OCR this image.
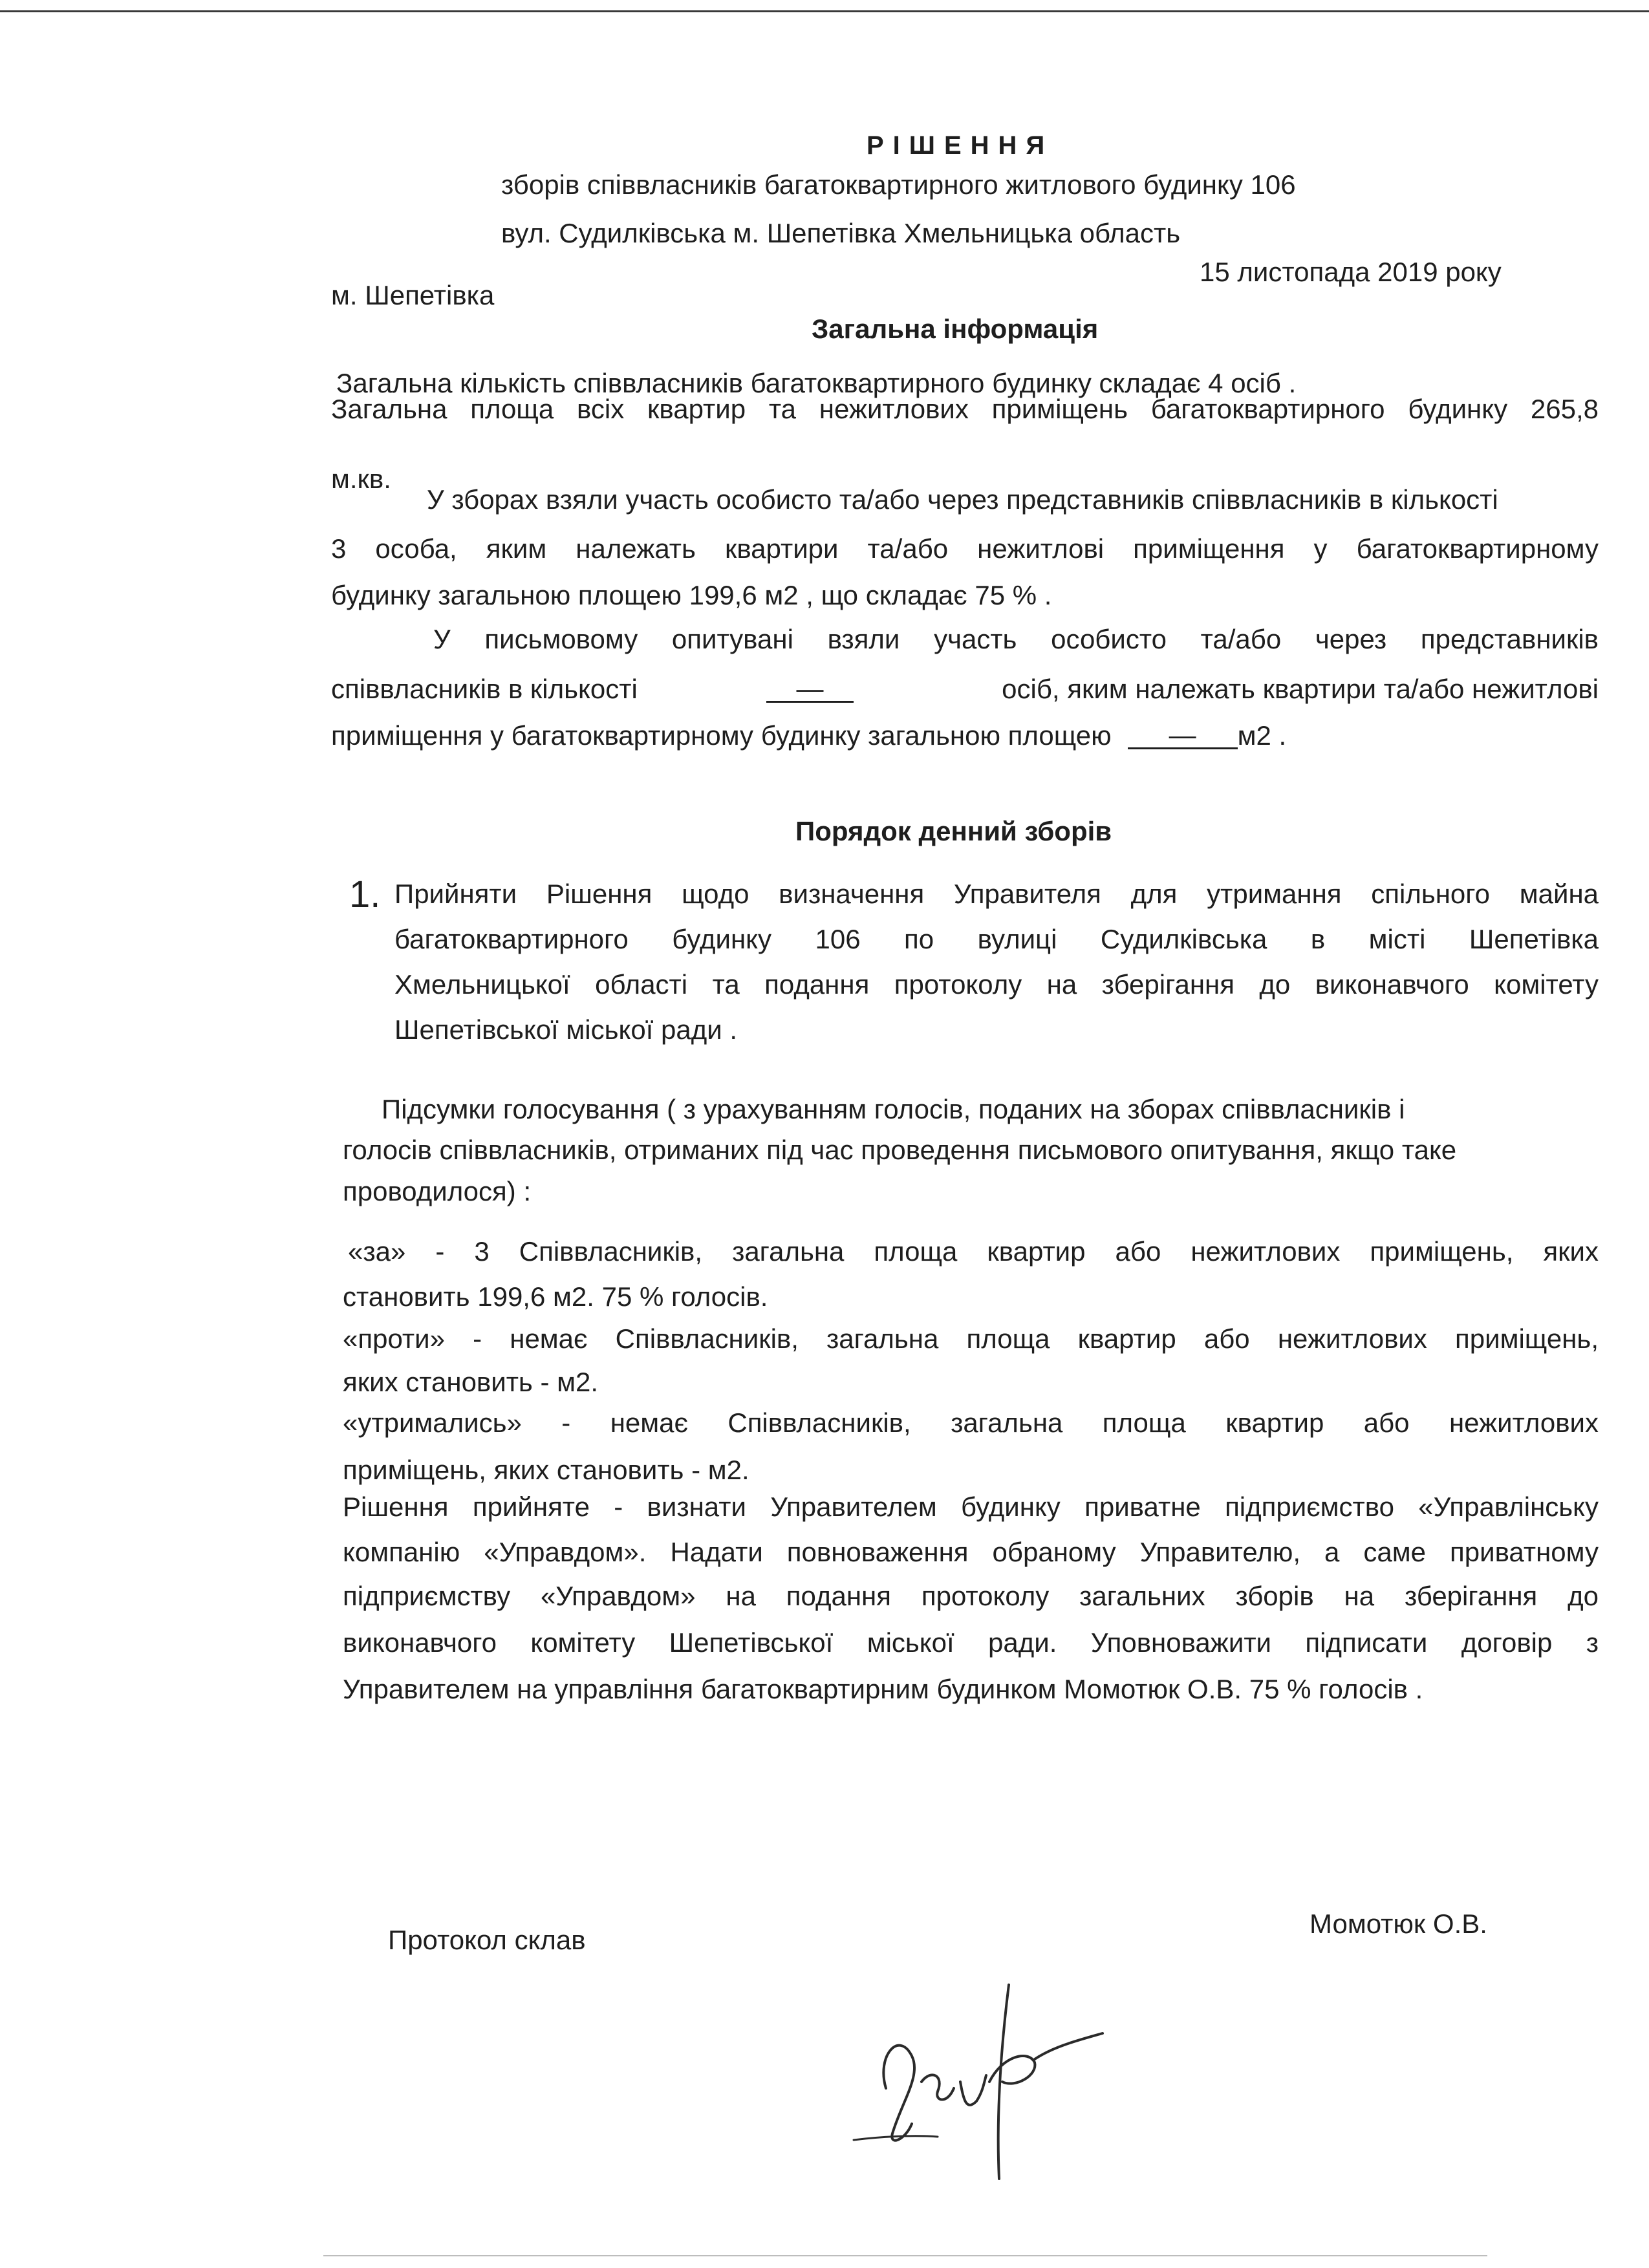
РІШЕННЯ
зборів співвласників багатоквартирного житлового будинку 106
вул. Судилківська м. Шепетівка Хмельницька область
15 листопада 2019 року
м. Шепетівка
Загальна інформація
Загальна кількість співвласників багатоквартирного будинку складає 4 осіб .
Загальна площа всіх квартир та нежитлових приміщень багатоквартирного будинку 265,8
м.кв.
У зборах взяли участь особисто та/або через представників співвласників в кількості
3 особа, яким належать квартири та/або нежитлові приміщення у багатоквартирному
будинку загальною площею 199,6 м2 , що складає 75 % .
У письмовому опитувані взяли участь особисто та/або через представників
співвласників в кількості	—	осіб, яким належать квартири та/або нежитлові
приміщення у багатоквартирному будинку загальною площею	—	м2 .
Порядок денний зборів
1. Прийняти Рішення щодо визначення Управителя для утримання спільного майна
багатоквартирного будинку 106 по вулиці Судилківська в місті Шепетівка
Хмельницької області та подання протоколу на зберігання до виконавчого комітету
Шепетівської міської ради .
Підсумки голосування ( з урахуванням голосів, поданих на зборах співвласників і
голосів співвласників, отриманих під час проведення письмового опитування, якщо таке
проводилося) :
«за» - 3 Співвласників, загальна площа квартир або нежитлових приміщень, яких
становить 199,6 м2. 75 % голосів.
«проти» - немає Співвласників, загальна площа квартир або нежитлових приміщень,
яких становить - м2.
«утримались» - немає Співвласників, загальна площа квартир або нежитлових
приміщень, яких становить - м2.
Рішення прийняте - визнати Управителем будинку приватне підприємство «Управлінську
компанію «Управдом». Надати повноваження обраному Управителю, а саме приватному
підприємству «Управдом» на подання протоколу загальних зборів на зберігання до
виконавчого комітету Шепетівської міської ради. Уповноважити підписати договір з
Управителем на управління багатоквартирним будинком Момотюк О.В. 75 % голосів .
Протокол склав
Момотюк О.В.
